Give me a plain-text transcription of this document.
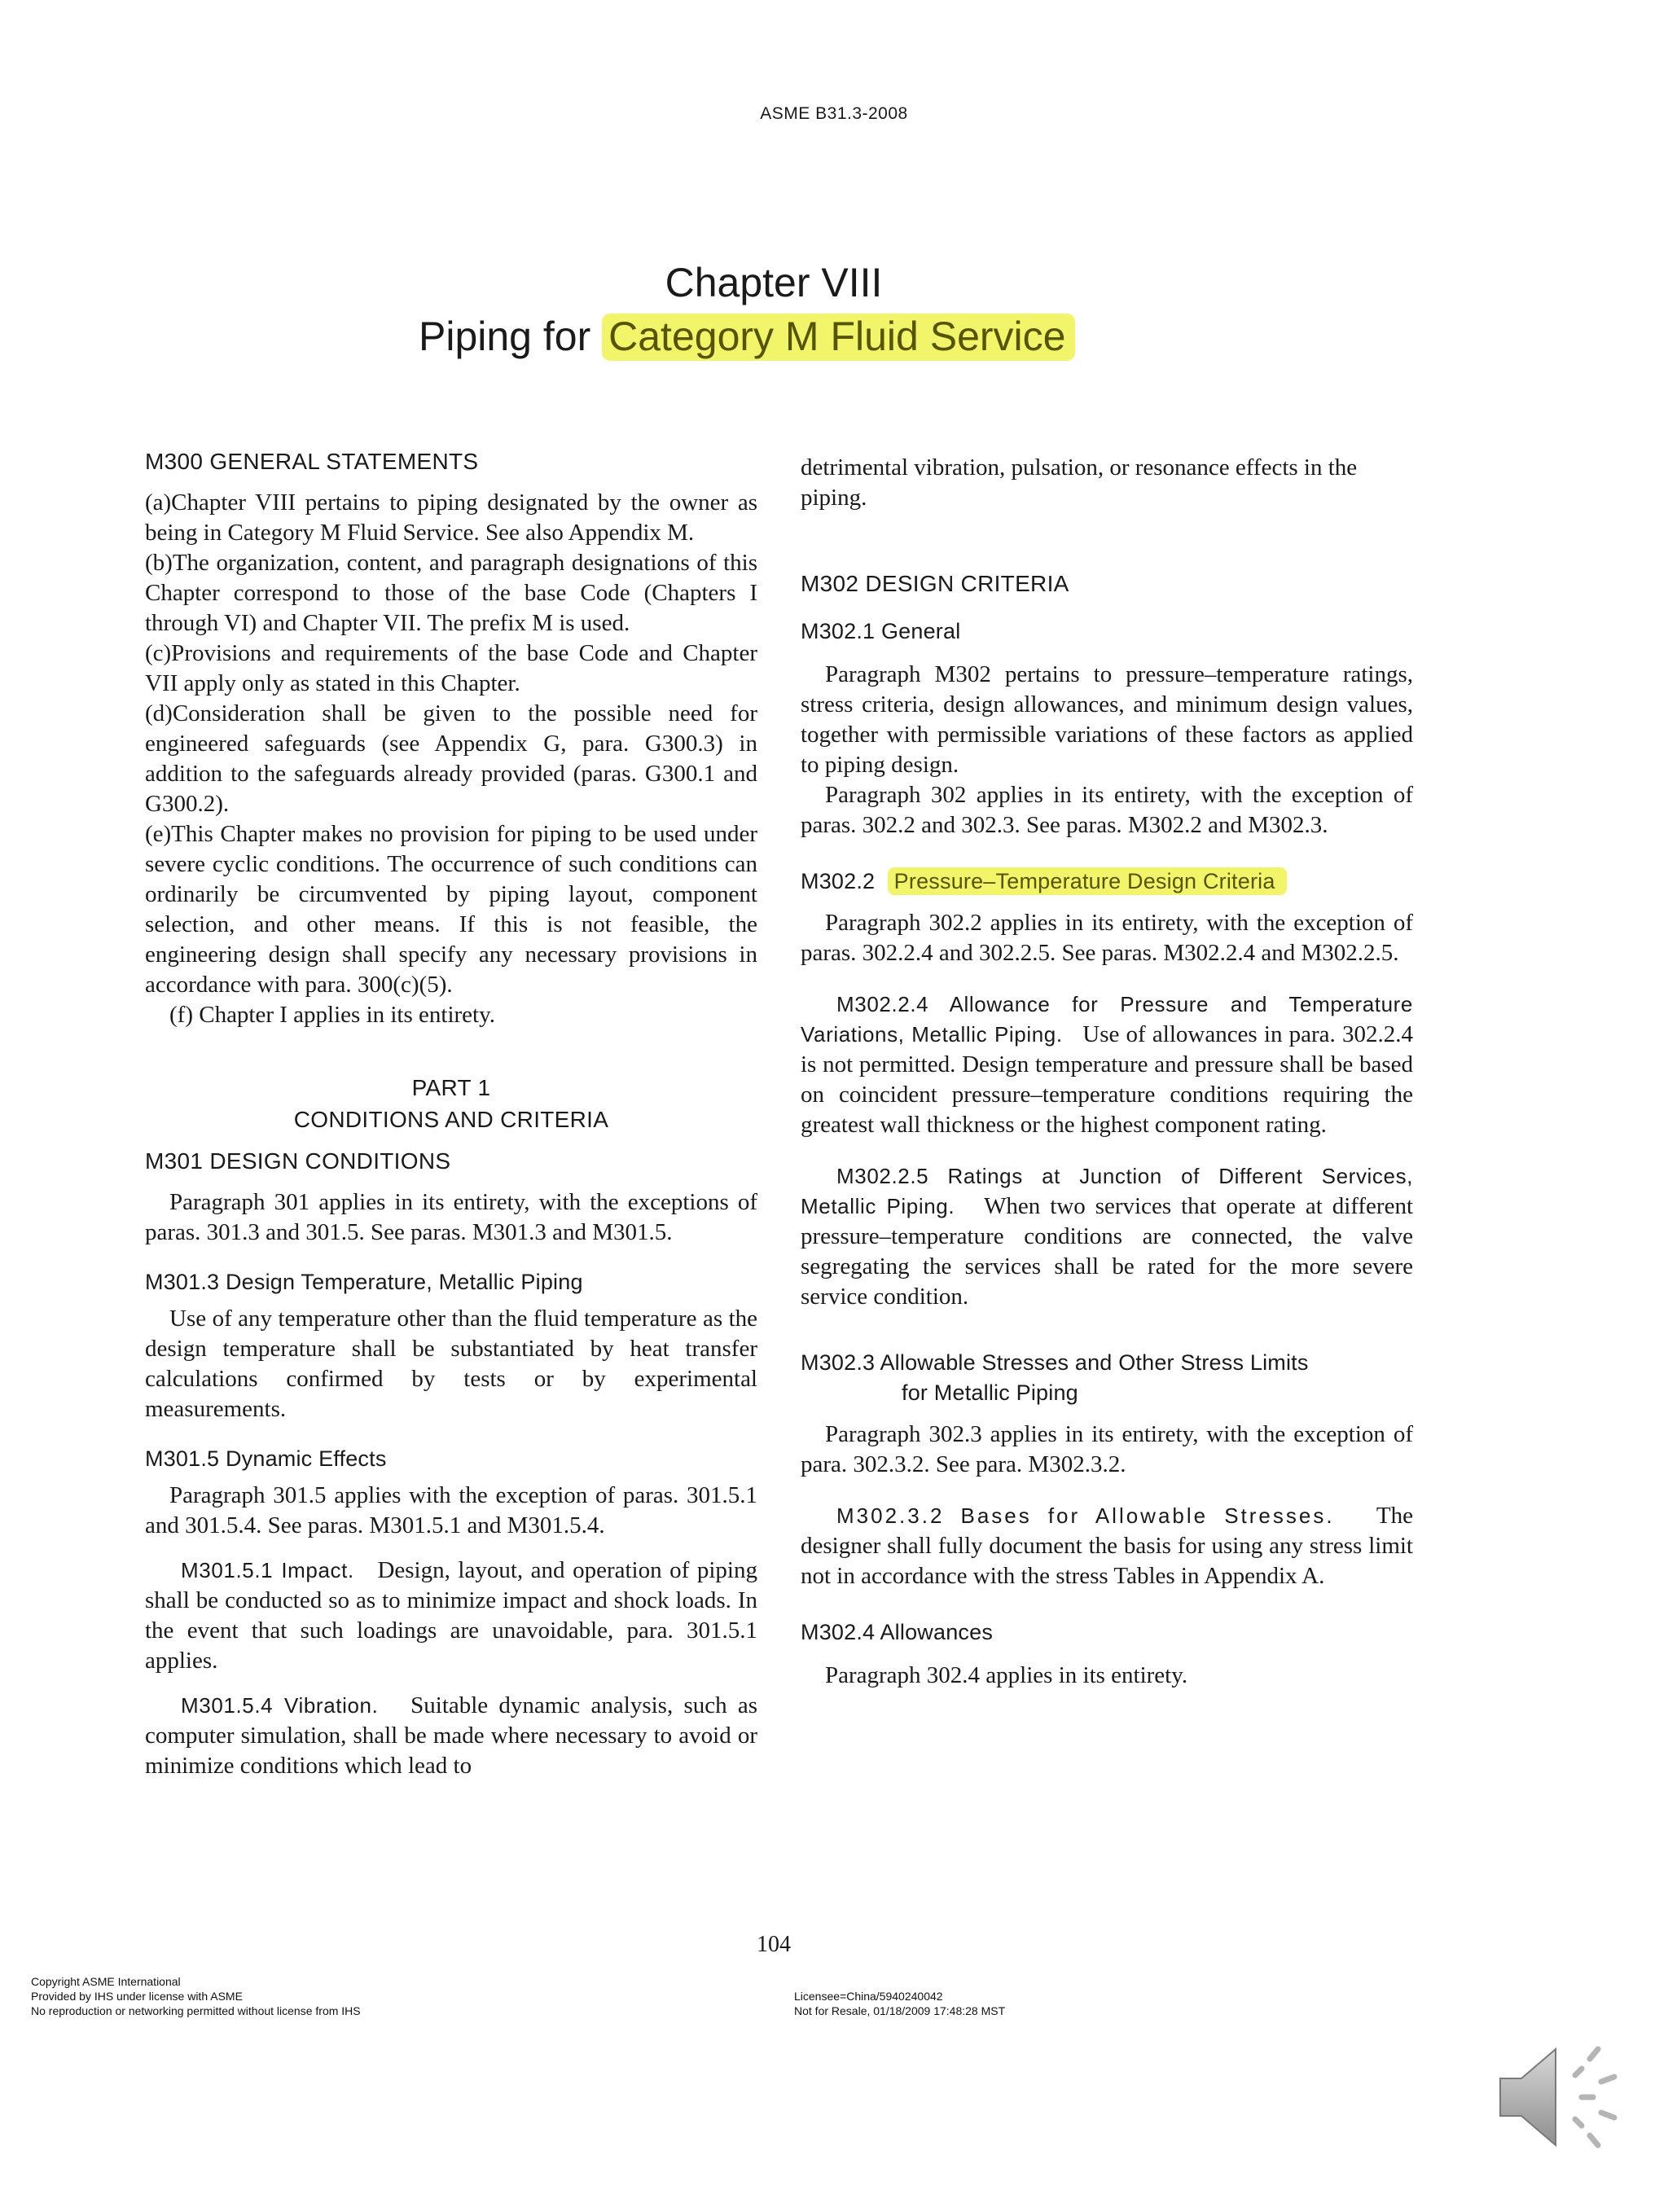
ASME B31.3-2008
Chapter VIII
Piping for Category M Fluid Service

M300 GENERAL STATEMENTS

(a)Chapter VIII pertains to piping designated by the owner as being in Category M Fluid Service. See also Appendix M.

(b)The organization, content, and paragraph designations of this Chapter correspond to those of the base Code (Chapters I through VI) and Chapter VII. The prefix M is used.

(c)Provisions and requirements of the base Code and Chapter VII apply only as stated in this Chapter.

(d)Consideration shall be given to the possible need for engineered safeguards (see Appendix G, para. G300.3) in addition to the safeguards already provided (paras. G300.1 and G300.2).

(e)This Chapter makes no provision for piping to be used under severe cyclic conditions. The occurrence of such conditions can ordinarily be circumvented by piping layout, component selection, and other means. If this is not feasible, the engineering design shall specify any necessary provisions in accordance with para. 300(c)(5).

(f) Chapter I applies in its entirety.

PART 1

CONDITIONS AND CRITERIA

M301 DESIGN CONDITIONS

Paragraph 301 applies in its entirety, with the exceptions of paras. 301.3 and 301.5. See paras. M301.3 and M301.5.

M301.3 Design Temperature, Metallic Piping

Use of any temperature other than the fluid temperature as the design temperature shall be substantiated by heat transfer calculations confirmed by tests or by experimental measurements.

M301.5 Dynamic Effects

Paragraph 301.5 applies with the exception of paras. 301.5.1 and 301.5.4. See paras. M301.5.1 and M301.5.4.

M301.5.1 Impact. Design, layout, and operation of piping shall be conducted so as to minimize impact and shock loads. In the event that such loadings are unavoidable, para. 301.5.1 applies.

M301.5.4 Vibration. Suitable dynamic analysis, such as computer simulation, shall be made where necessary to avoid or minimize conditions which lead to

detrimental vibration, pulsation, or resonance effects in the piping.

M302 DESIGN CRITERIA

M302.1 General

Paragraph M302 pertains to pressure–temperature ratings, stress criteria, design allowances, and minimum design values, together with permissible variations of these factors as applied to piping design.

Paragraph 302 applies in its entirety, with the exception of paras. 302.2 and 302.3. See paras. M302.2 and M302.3.

M302.2 Pressure–Temperature Design Criteria

Paragraph 302.2 applies in its entirety, with the exception of paras. 302.2.4 and 302.2.5. See paras. M302.2.4 and M302.2.5.

M302.2.4 Allowance for Pressure and Temperature Variations, Metallic Piping. Use of allowances in para. 302.2.4 is not permitted. Design temperature and pressure shall be based on coincident pressure–temperature conditions requiring the greatest wall thickness or the highest component rating.

M302.2.5 Ratings at Junction of Different Services, Metallic Piping. When two services that operate at different pressure–temperature conditions are connected, the valve segregating the services shall be rated for the more severe service condition.

M302.3 Allowable Stresses and Other Stress Limits

for Metallic Piping

Paragraph 302.3 applies in its entirety, with the exception of para. 302.3.2. See para. M302.3.2.

M302.3.2 Bases for Allowable Stresses. The designer shall fully document the basis for using any stress limit not in accordance with the stress Tables in Appendix A.

M302.4 Allowances

Paragraph 302.4 applies in its entirety.

104
Copyright ASME International
Provided by IHS under license with ASME
No reproduction or networking permitted without license from IHS
Licensee=China/5940240042
Not for Resale, 01/18/2009 17:48:28 MST
